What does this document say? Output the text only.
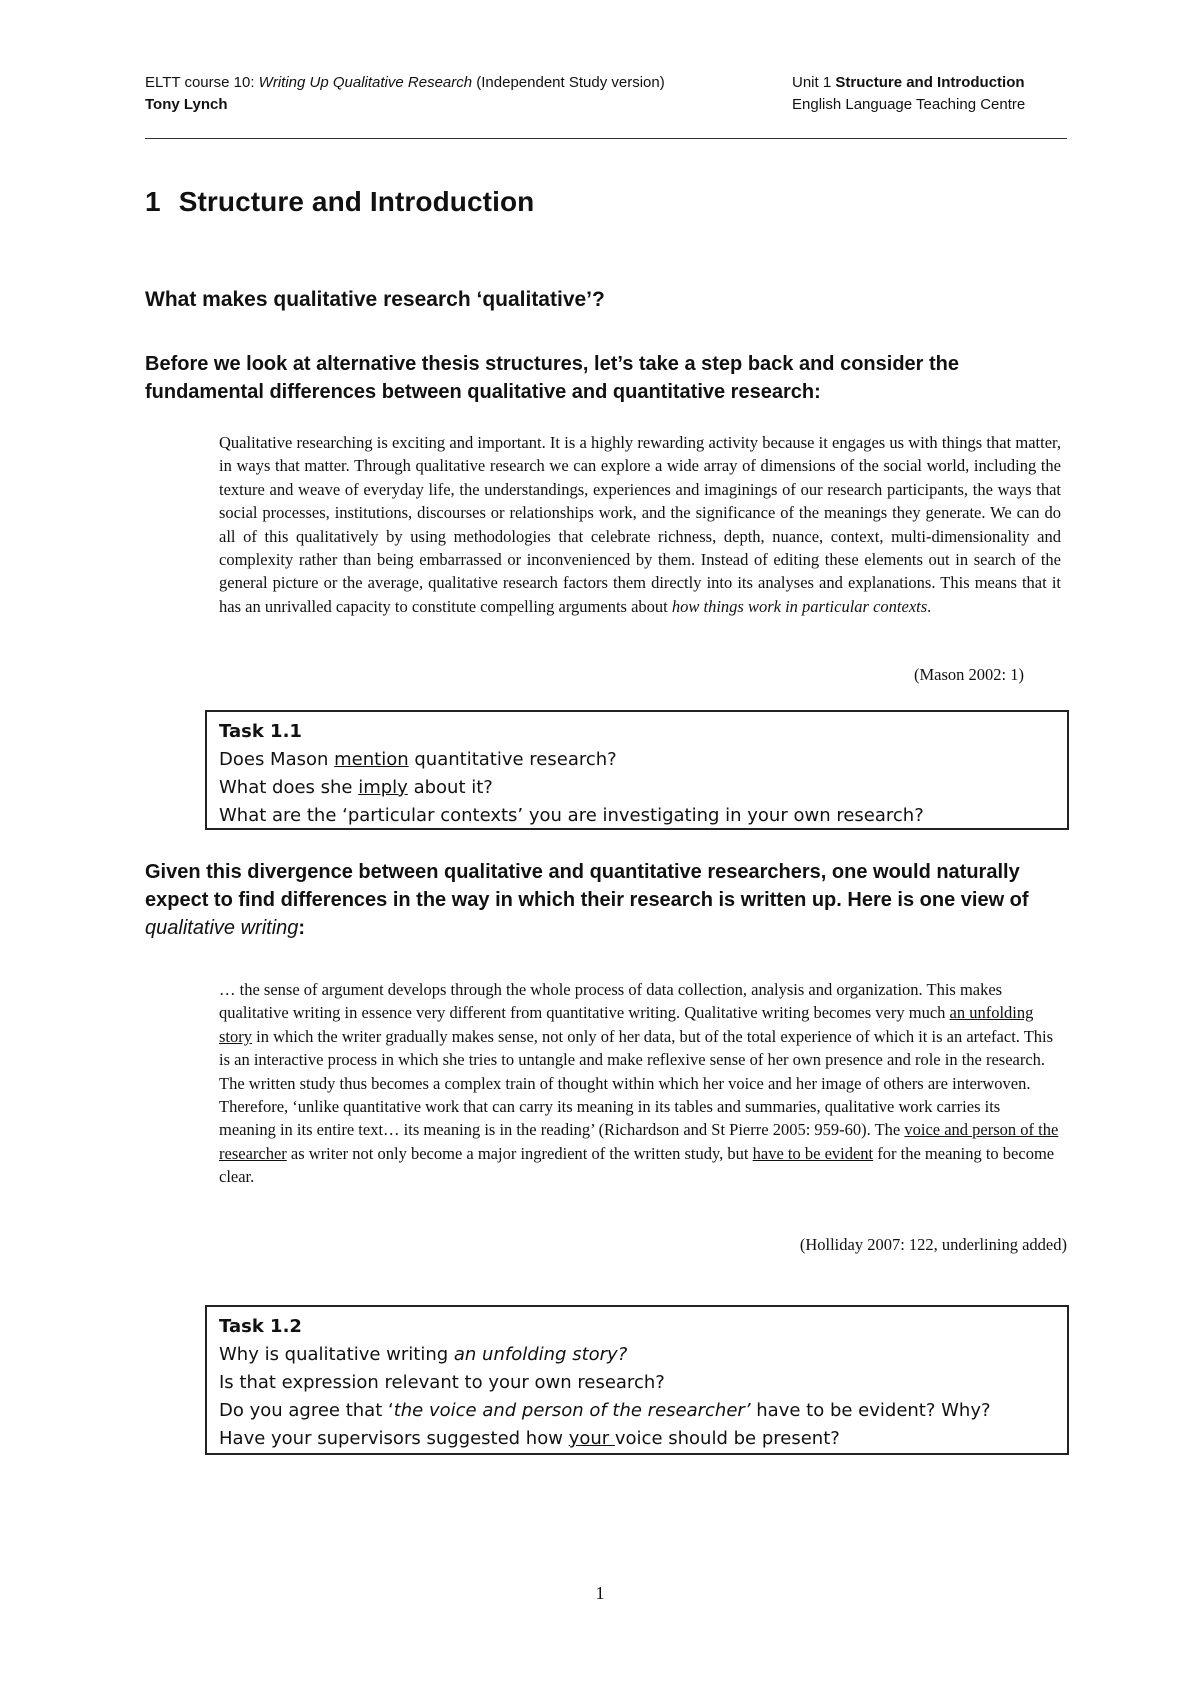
ELTT course 10: Writing Up Qualitative Research (Independent Study version)
Tony Lynch
Unit 1 Structure and Introduction
English Language Teaching Centre
1 Structure and Introduction
What makes qualitative research ‘qualitative’?
Before we look at alternative thesis structures, let’s take a step back and consider the fundamental differences between qualitative and quantitative research:
Qualitative researching is exciting and important. It is a highly rewarding activity because it engages us with things that matter, in ways that matter. Through qualitative research we can explore a wide array of dimensions of the social world, including the texture and weave of everyday life, the understandings, experiences and imaginings of our research participants, the ways that social processes, institutions, discourses or relationships work, and the significance of the meanings they generate. We can do all of this qualitatively by using methodologies that celebrate richness, depth, nuance, context, multi-dimensionality and complexity rather than being embarrassed or inconvenienced by them. Instead of editing these elements out in search of the general picture or the average, qualitative research factors them directly into its analyses and explanations. This means that it has an unrivalled capacity to constitute compelling arguments about how things work in particular contexts.
(Mason 2002: 1)
Task 1.1
Does Mason mention quantitative research?
What does she imply about it?
What are the ‘particular contexts’ you are investigating in your own research?
Given this divergence between qualitative and quantitative researchers, one would naturally expect to find differences in the way in which their research is written up. Here is one view of qualitative writing:
… the sense of argument develops through the whole process of data collection, analysis and organization. This makes qualitative writing in essence very different from quantitative writing. Qualitative writing becomes very much an unfolding story in which the writer gradually makes sense, not only of her data, but of the total experience of which it is an artefact. This is an interactive process in which she tries to untangle and make reflexive sense of her own presence and role in the research. The written study thus becomes a complex train of thought within which her voice and her image of others are interwoven. Therefore, ‘unlike quantitative work that can carry its meaning in its tables and summaries, qualitative work carries its meaning in its entire text… its meaning is in the reading’ (Richardson and St Pierre 2005: 959-60). The voice and person of the researcher as writer not only become a major ingredient of the written study, but have to be evident for the meaning to become clear.
(Holliday 2007: 122, underlining added)
Task 1.2
Why is qualitative writing an unfolding story?
Is that expression relevant to your own research?
Do you agree that ‘the voice and person of the researcher’ have to be evident? Why?
Have your supervisors suggested how your voice should be present?
1
